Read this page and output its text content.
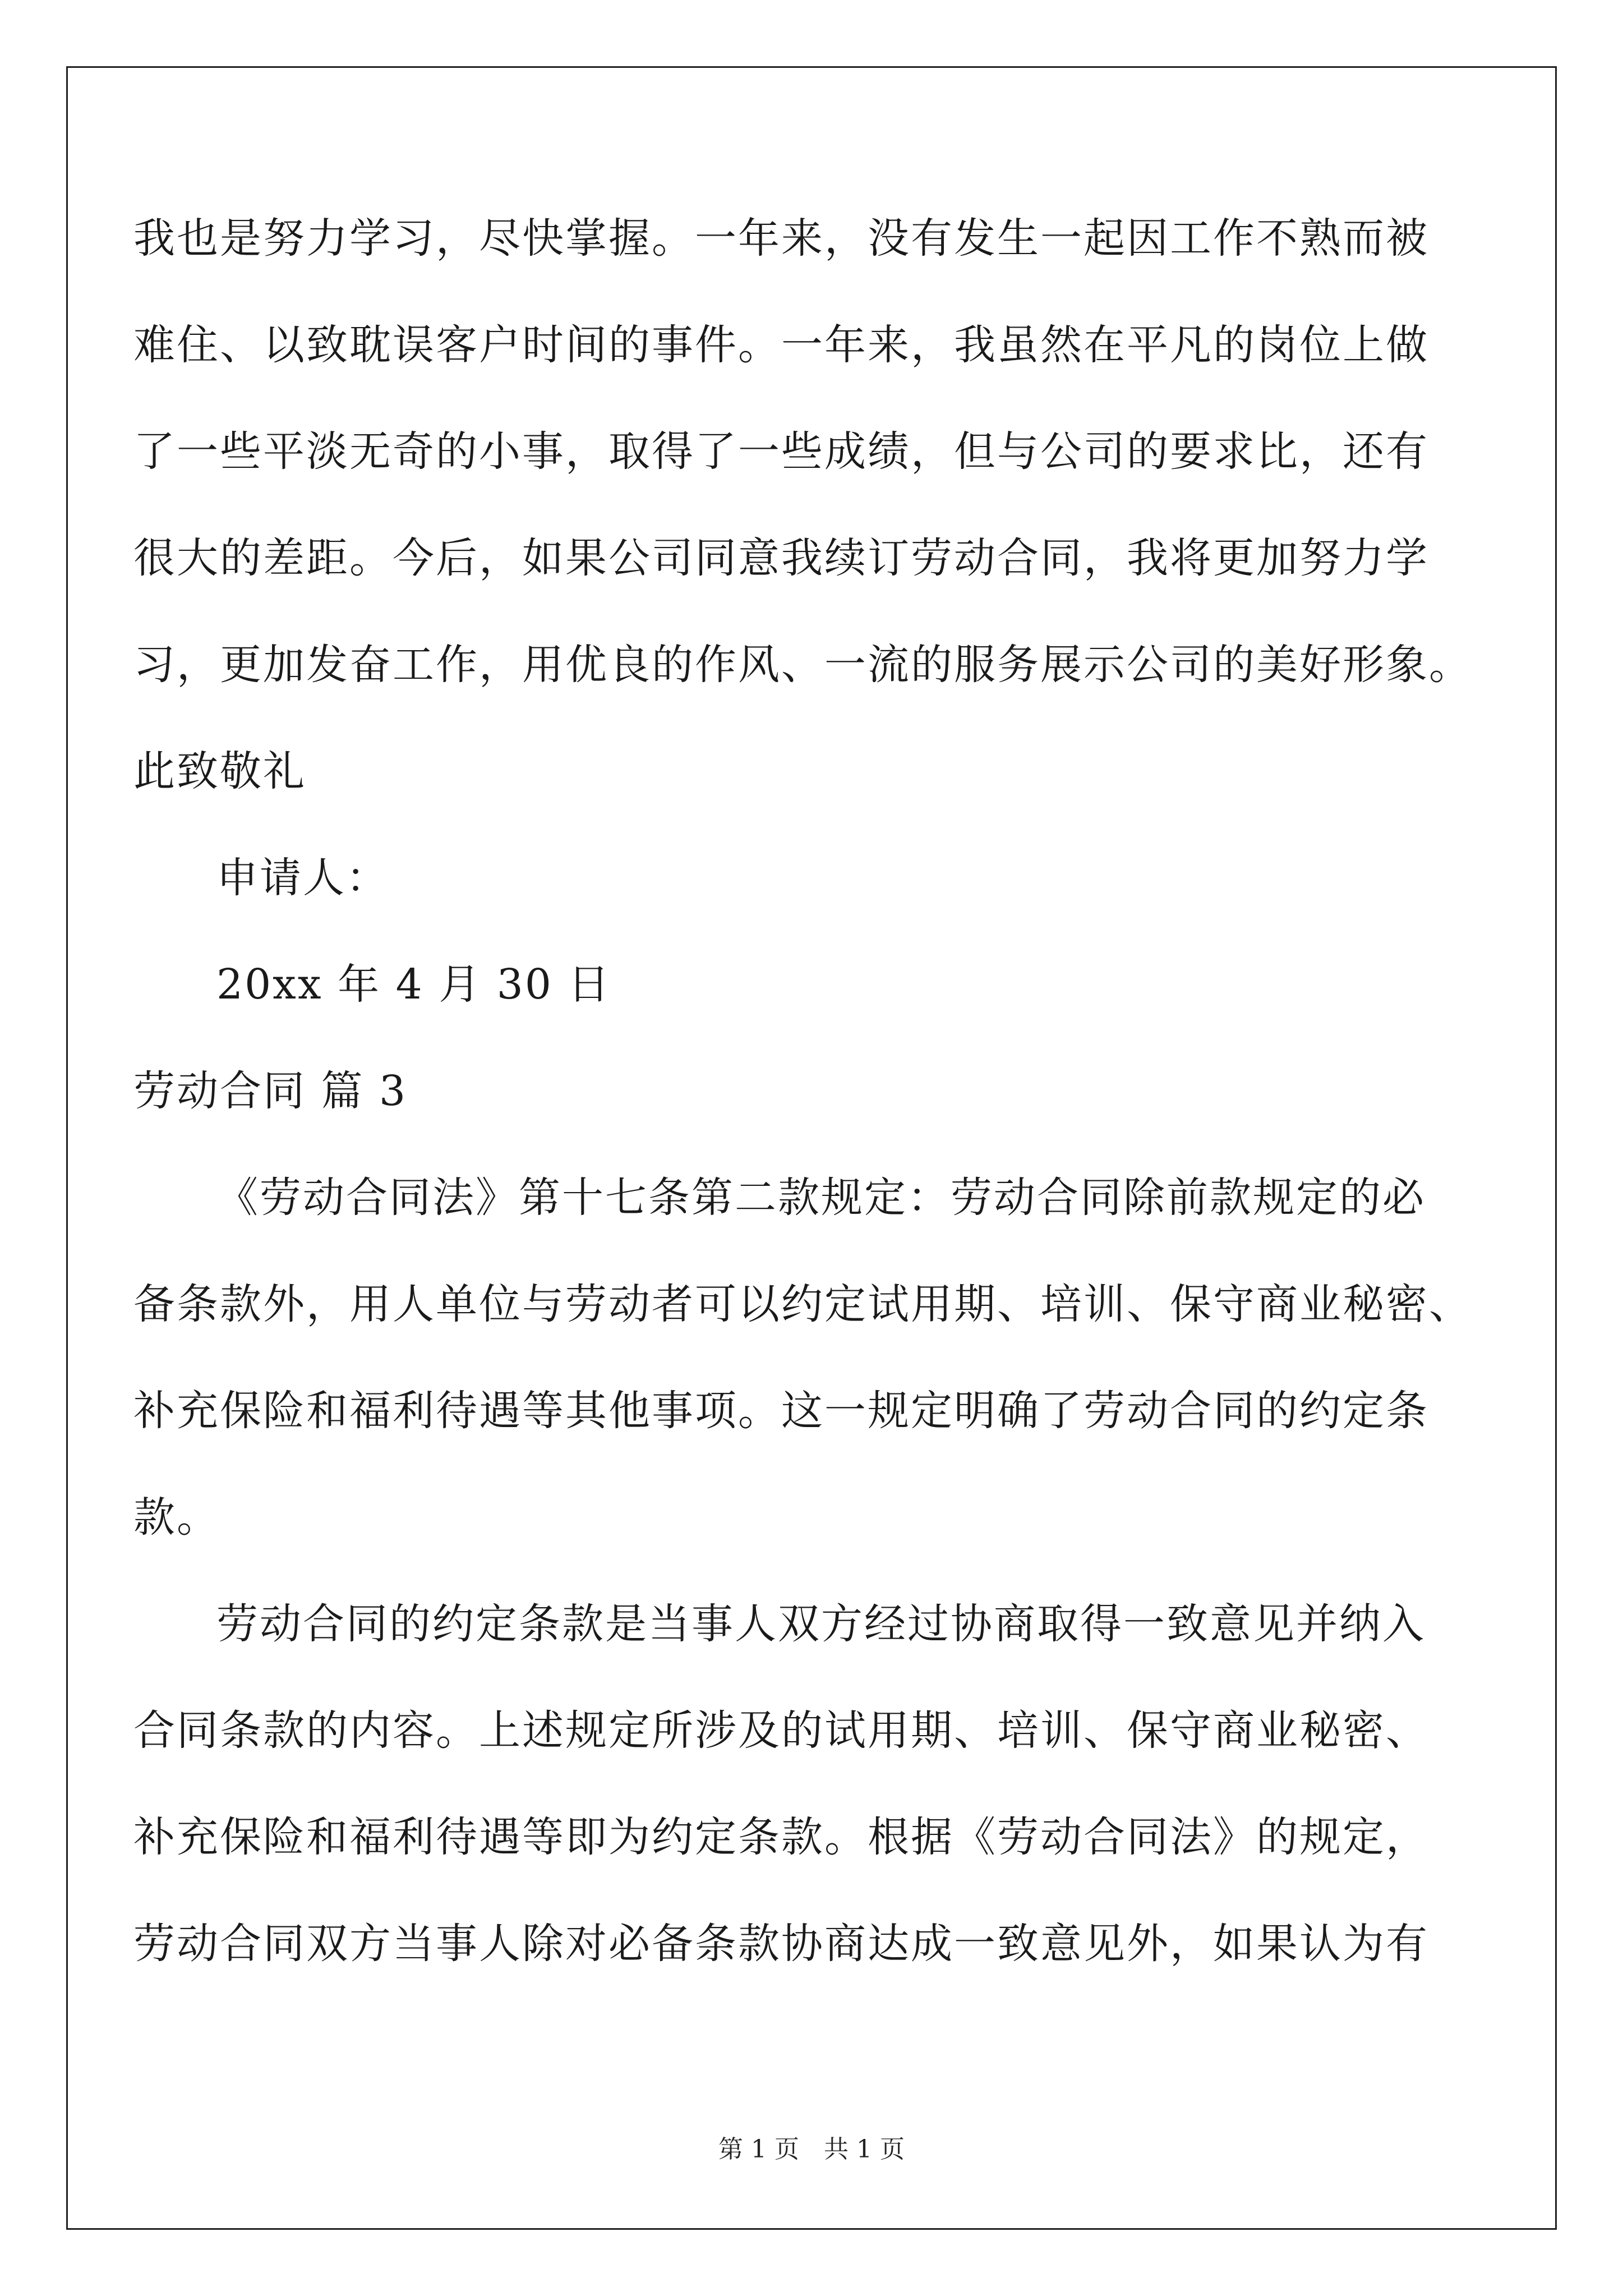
我也是努力学习，尽快掌握。一年来，没有发生一起因工作不熟而被
难住、以致耽误客户时间的事件。一年来，我虽然在平凡的岗位上做
了一些平淡无奇的小事，取得了一些成绩，但与公司的要求比，还有
很大的差距。今后，如果公司同意我续订劳动合同，我将更加努力学
习，更加发奋工作，用优良的作风、一流的服务展示公司的美好形象。
此致敬礼
申请人：
20xx 年 4 月 30 日
劳动合同 篇 3
《劳动合同法》第十七条第二款规定：劳动合同除前款规定的必
备条款外，用人单位与劳动者可以约定试用期、培训、保守商业秘密、
补充保险和福利待遇等其他事项。这一规定明确了劳动合同的约定条
款。
劳动合同的约定条款是当事人双方经过协商取得一致意见并纳入
合同条款的内容。上述规定所涉及的试用期、培训、保守商业秘密、
补充保险和福利待遇等即为约定条款。根据《劳动合同法》的规定，
劳动合同双方当事人除对必备条款协商达成一致意见外，如果认为有
第 1 页　共 1 页
